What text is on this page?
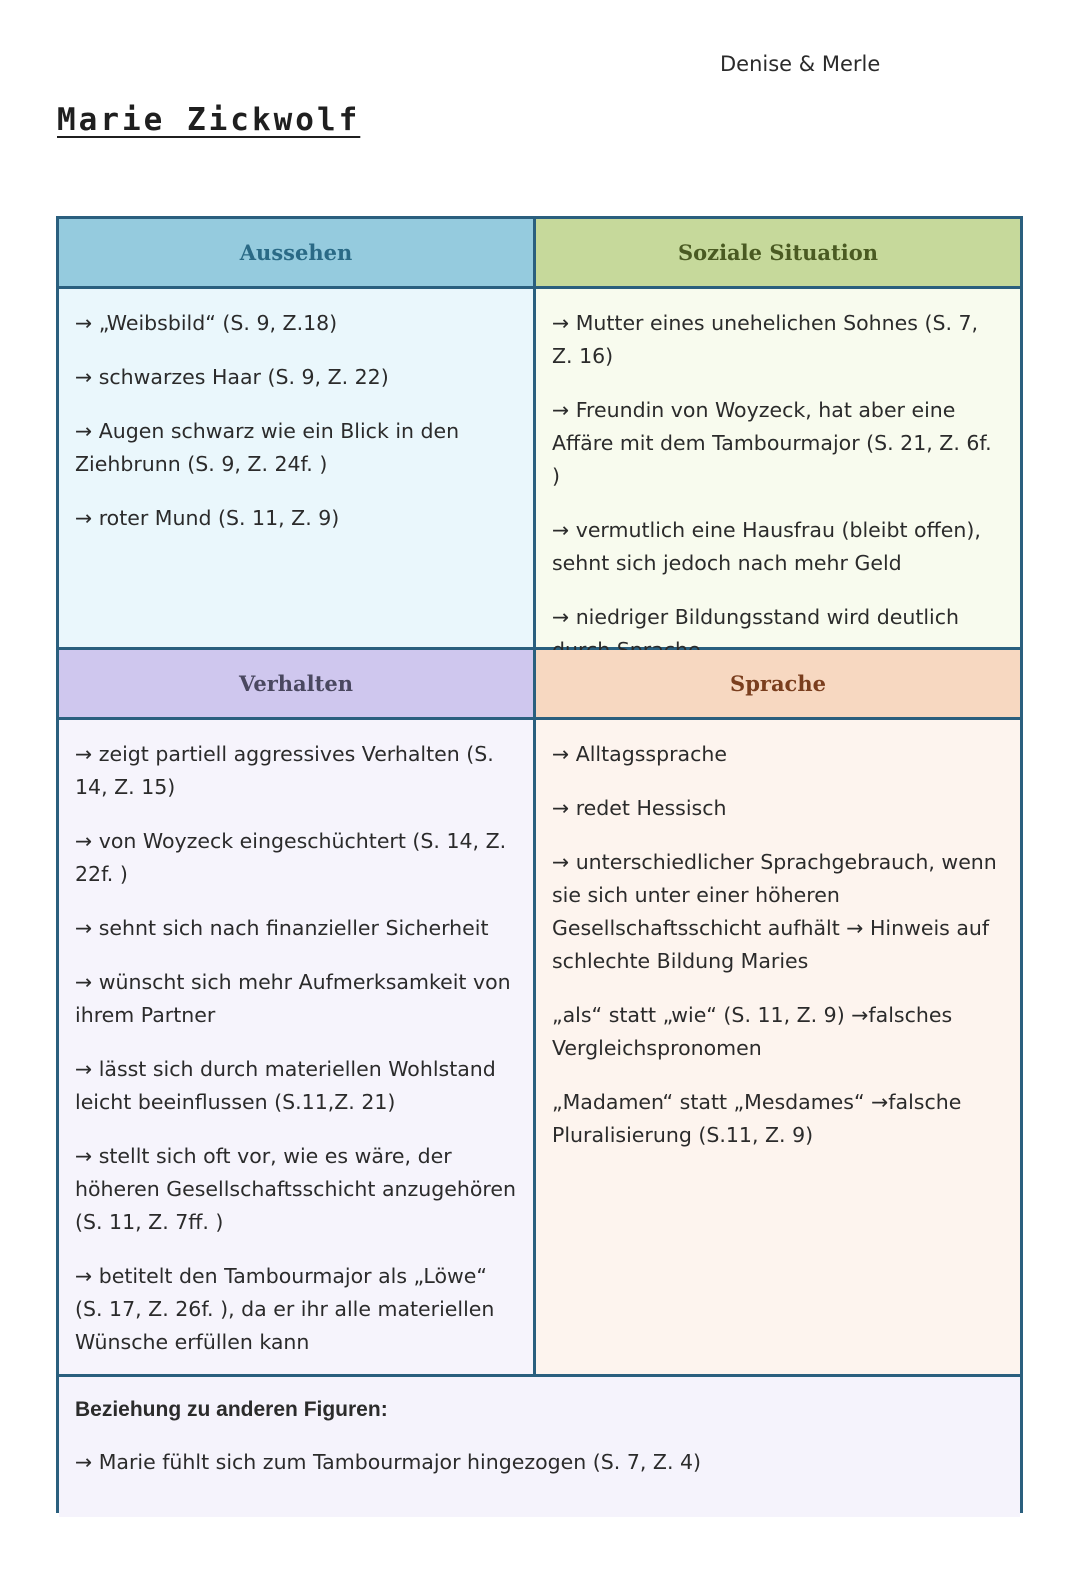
Denise & Merle
Marie Zickwolf
Aussehen	Soziale Situation
→ „Weibsbild“ (S. 9, Z.18)
→ schwarzes Haar (S. 9, Z. 22)
→ Augen schwarz wie ein Blick in den Ziehbrunn (S. 9, Z. 24f. )
→ roter Mund (S. 11, Z. 9)
→ Mutter eines unehelichen Sohnes (S. 7, Z. 16)
→ Freundin von Woyzeck, hat aber eine Affäre mit dem Tambourmajor (S. 21, Z. 6f. )
→ vermutlich eine Hausfrau (bleibt offen), sehnt sich jedoch nach mehr Geld
→ niedriger Bildungsstand wird deutlich
Verhalten	Sprache
→ zeigt partiell aggressives Verhalten (S. 14, Z. 15)
→ von Woyzeck eingeschüchtert (S. 14, Z. 22f. )
→ sehnt sich nach finanzieller Sicherheit
→ wünscht sich mehr Aufmerksamkeit von ihrem Partner
→ lässt sich durch materiellen Wohlstand leicht beeinflussen (S.11,Z. 21)
→ stellt sich oft vor, wie es wäre, der höheren Gesellschaftsschicht anzugehören (S. 11, Z. 7ff. )
→ betitelt den Tambourmajor als „Löwe“ (S. 17, Z. 26f. ), da er ihr alle materiellen Wünsche erfüllen kann
→ Alltagssprache
→ redet Hessisch
→ unterschiedlicher Sprachgebrauch, wenn sie sich unter einer höheren Gesellschaftsschicht aufhält → Hinweis auf schlechte Bildung Maries
„als“ statt „wie“ (S. 11, Z. 9) →falsches Vergleichspronomen
„Madamen“ statt „Mesdames“ →falsche Pluralisierung (S.11, Z. 9)
Beziehung zu anderen Figuren:
→ Marie fühlt sich zum Tambourmajor hingezogen (S. 7, Z. 4)
